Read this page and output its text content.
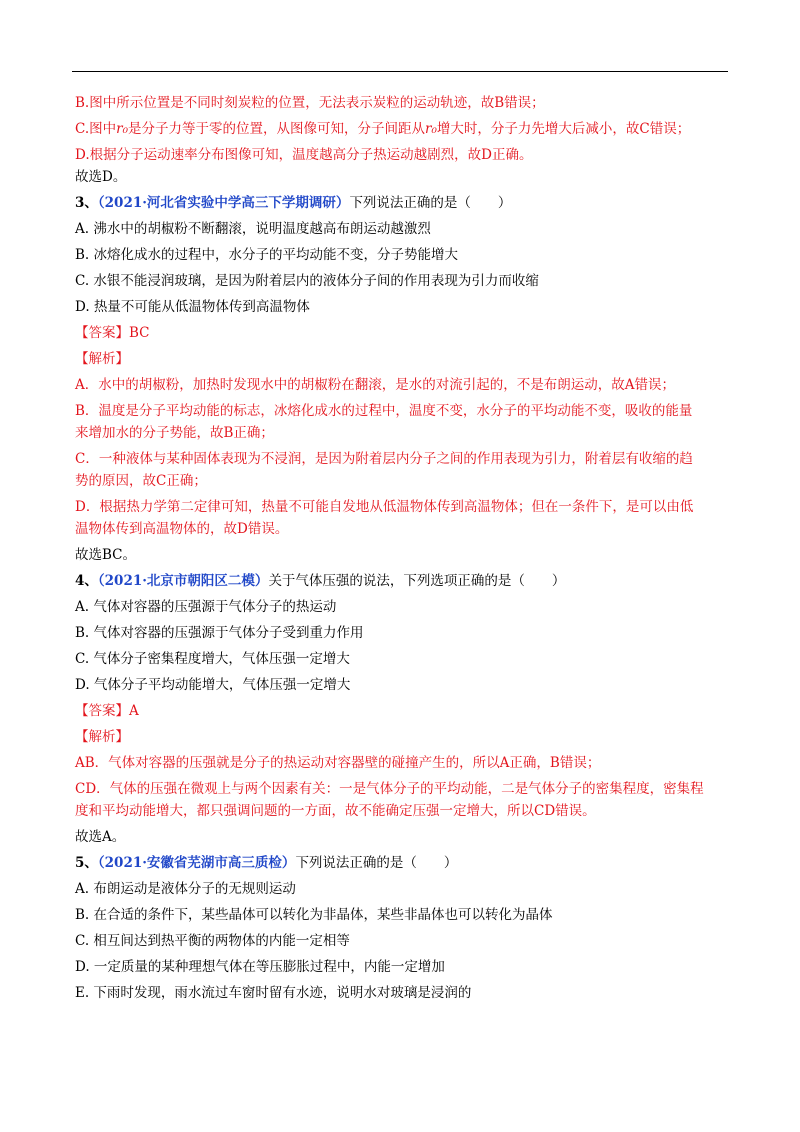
B.图中所示位置是不同时刻炭粒的位置，无法表示炭粒的运动轨迹，故B错误；
C.图中r₀是分子力等于零的位置，从图像可知，分子间距从r₀增大时，分子力先增大后减小，故C错误；
D.根据分子运动速率分布图像可知，温度越高分子热运动越剧烈，故D正确。
故选D。
3、（2021·河北省实验中学高三下学期调研）下列说法正确的是（　　）
A. 沸水中的胡椒粉不断翻滚，说明温度越高布朗运动越激烈
B. 冰熔化成水的过程中，水分子的平均动能不变，分子势能增大
C. 水银不能浸润玻璃，是因为附着层内的液体分子间的作用表现为引力而收缩
D. 热量不可能从低温物体传到高温物体
【答案】BC
【解析】
A．水中的胡椒粉，加热时发现水中的胡椒粉在翻滚，是水的对流引起的，不是布朗运动，故A错误；
B．温度是分子平均动能的标志，冰熔化成水的过程中，温度不变，水分子的平均动能不变，吸收的能量
来增加水的分子势能，故B正确；
C．一种液体与某种固体表现为不浸润，是因为附着层内分子之间的作用表现为引力，附着层有收缩的趋
势的原因，故C正确；
D．根据热力学第二定律可知，热量不可能自发地从低温物体传到高温物体；但在一条件下，是可以由低
温物体传到高温物体的，故D错误。
故选BC。
4、（2021·北京市朝阳区二模）关于气体压强的说法，下列选项正确的是（　　）
A. 气体对容器的压强源于气体分子的热运动
B. 气体对容器的压强源于气体分子受到重力作用
C. 气体分子密集程度增大，气体压强一定增大
D. 气体分子平均动能增大，气体压强一定增大
【答案】A
【解析】
AB．气体对容器的压强就是分子的热运动对容器壁的碰撞产生的，所以A正确，B错误；
CD．气体的压强在微观上与两个因素有关：一是气体分子的平均动能，二是气体分子的密集程度，密集程
度和平均动能增大，都只强调问题的一方面，故不能确定压强一定增大，所以CD错误。
故选A。
5、（2021·安徽省芜湖市高三质检）下列说法正确的是（　　）
A. 布朗运动是液体分子的无规则运动
B. 在合适的条件下，某些晶体可以转化为非晶体，某些非晶体也可以转化为晶体
C. 相互间达到热平衡的两物体的内能一定相等
D. 一定质量的某种理想气体在等压膨胀过程中，内能一定增加
E. 下雨时发现，雨水流过车窗时留有水迹，说明水对玻璃是浸润的
